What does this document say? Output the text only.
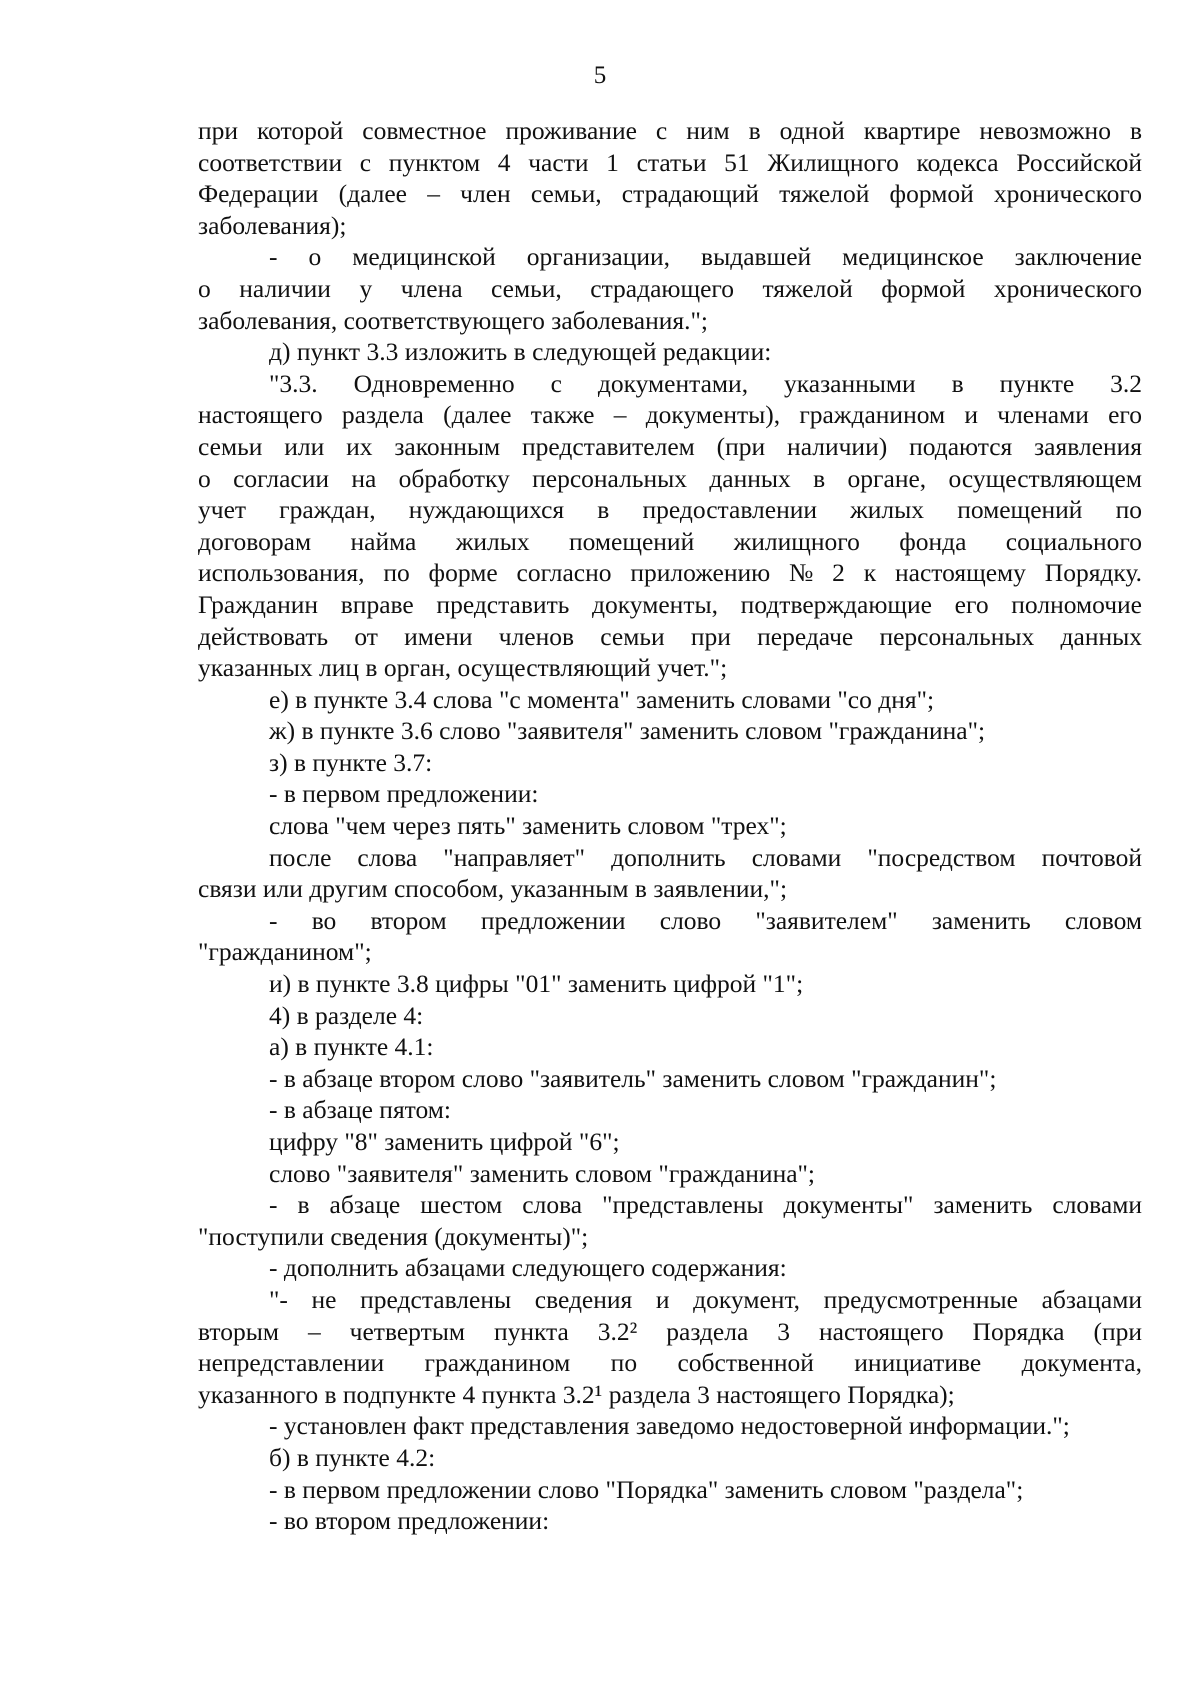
5
при которой совместное проживание с ним в одной квартире невозможно в
соответствии с пунктом 4 части 1 статьи 51 Жилищного кодекса Российской
Федерации (далее – член семьи, страдающий тяжелой формой хронического
заболевания);
- о медицинской организации, выдавшей медицинское заключение
о наличии у члена семьи, страдающего тяжелой формой хронического
заболевания, соответствующего заболевания.";
д) пункт 3.3 изложить в следующей редакции:
"3.3. Одновременно с документами, указанными в пункте 3.2
настоящего раздела (далее также – документы), гражданином и членами его
семьи или их законным представителем (при наличии) подаются заявления
о согласии на обработку персональных данных в органе, осуществляющем
учет граждан, нуждающихся в предоставлении жилых помещений по
договорам найма жилых помещений жилищного фонда социального
использования, по форме согласно приложению № 2 к настоящему Порядку.
Гражданин вправе представить документы, подтверждающие его полномочие
действовать от имени членов семьи при передаче персональных данных
указанных лиц в орган, осуществляющий учет.";
е) в пункте 3.4 слова "с момента" заменить словами "со дня";
ж) в пункте 3.6 слово "заявителя" заменить словом "гражданина";
з) в пункте 3.7:
- в первом предложении:
слова "чем через пять" заменить словом "трех";
после слова "направляет" дополнить словами "посредством почтовой
связи или другим способом, указанным в заявлении,";
- во втором предложении слово "заявителем" заменить словом
"гражданином";
и) в пункте 3.8 цифры "01" заменить цифрой "1";
4) в разделе 4:
а) в пункте 4.1:
- в абзаце втором слово "заявитель" заменить словом "гражданин";
- в абзаце пятом:
цифру "8" заменить цифрой "6";
слово "заявителя" заменить словом "гражданина";
- в абзаце шестом слова "представлены документы" заменить словами
"поступили сведения (документы)";
- дополнить абзацами следующего содержания:
"- не представлены сведения и документ, предусмотренные абзацами
вторым – четвертым пункта 3.2² раздела 3 настоящего Порядка (при
непредставлении гражданином по собственной инициативе документа,
указанного в подпункте 4 пункта 3.2¹ раздела 3 настоящего Порядка);
- установлен факт представления заведомо недостоверной информации.";
б) в пункте 4.2:
- в первом предложении слово "Порядка" заменить словом "раздела";
- во втором предложении:
